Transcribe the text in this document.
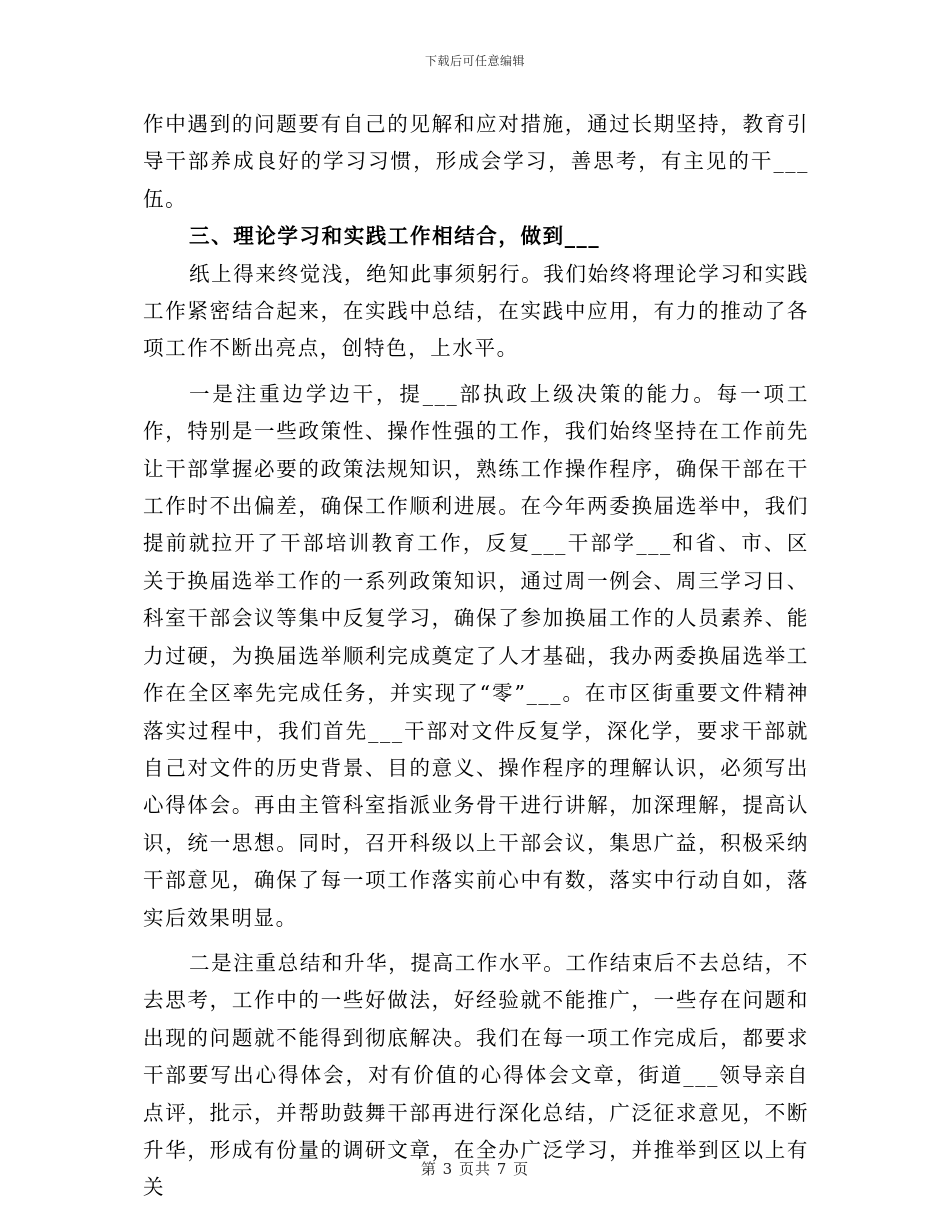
下载后可任意编辑

作中遇到的问题要有自己的见解和应对措施，通过长期坚持，教育引导干部养成良好的学习习惯，形成会学习，善思考，有主见的干___伍。

三、理论学习和实践工作相结合，做到___

纸上得来终觉浅，绝知此事须躬行。我们始终将理论学习和实践工作紧密结合起来，在实践中总结，在实践中应用，有力的推动了各项工作不断出亮点，创特色，上水平。

一是注重边学边干，提___部执政上级决策的能力。每一项工作，特别是一些政策性、操作性强的工作，我们始终坚持在工作前先让干部掌握必要的政策法规知识，熟练工作操作程序，确保干部在干工作时不出偏差，确保工作顺利进展。在今年两委换届选举中，我们提前就拉开了干部培训教育工作，反复___干部学___和省、市、区关于换届选举工作的一系列政策知识，通过周一例会、周三学习日、科室干部会议等集中反复学习，确保了参加换届工作的人员素养、能力过硬，为换届选举顺利完成奠定了人才基础，我办两委换届选举工作在全区率先完成任务，并实现了“零”___。在市区街重要文件精神落实过程中，我们首先___干部对文件反复学，深化学，要求干部就自己对文件的历史背景、目的意义、操作程序的理解认识，必须写出心得体会。再由主管科室指派业务骨干进行讲解，加深理解，提高认识，统一思想。同时，召开科级以上干部会议，集思广益，积极采纳干部意见，确保了每一项工作落实前心中有数，落实中行动自如，落实后效果明显。

二是注重总结和升华，提高工作水平。工作结束后不去总结，不去思考，工作中的一些好做法，好经验就不能推广，一些存在问题和出现的问题就不能得到彻底解决。我们在每一项工作完成后，都要求干部要写出心得体会，对有价值的心得体会文章，街道___领导亲自点评，批示，并帮助鼓舞干部再进行深化总结，广泛征求意见，不断升华，形成有份量的调研文章，在全办广泛学习，并推举到区以上有关

第 3 页共 7 页
